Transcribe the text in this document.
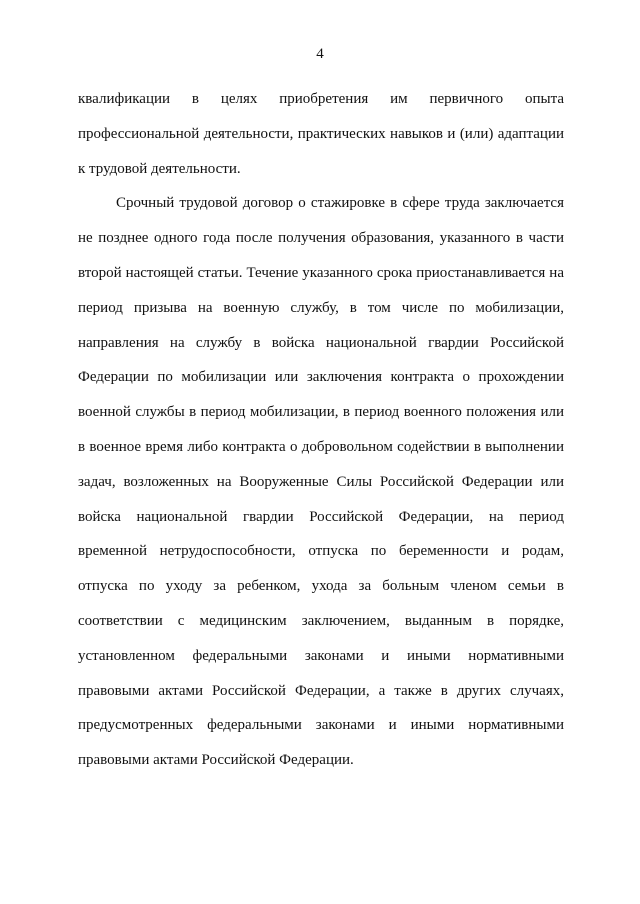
4
квалификации в целях приобретения им первичного опыта
профессиональной деятельности, практических навыков и (или) адаптации
к трудовой деятельности.
Срочный трудовой договор о стажировке в сфере труда заключается
не позднее одного года после получения образования, указанного в части
второй настоящей статьи. Течение указанного срока приостанавливается на
период призыва на военную службу, в том числе по мобилизации,
направления на службу в войска национальной гвардии Российской
Федерации по мобилизации или заключения контракта о прохождении
военной службы в период мобилизации, в период военного положения или
в военное время либо контракта о добровольном содействии в выполнении
задач, возложенных на Вооруженные Силы Российской Федерации или
войска национальной гвардии Российской Федерации, на период
временной нетрудоспособности, отпуска по беременности и родам,
отпуска по уходу за ребенком, ухода за больным членом семьи в
соответствии с медицинским заключением, выданным в порядке,
установленном федеральными законами и иными нормативными
правовыми актами Российской Федерации, а также в других случаях,
предусмотренных федеральными законами и иными нормативными
правовыми актами Российской Федерации.
